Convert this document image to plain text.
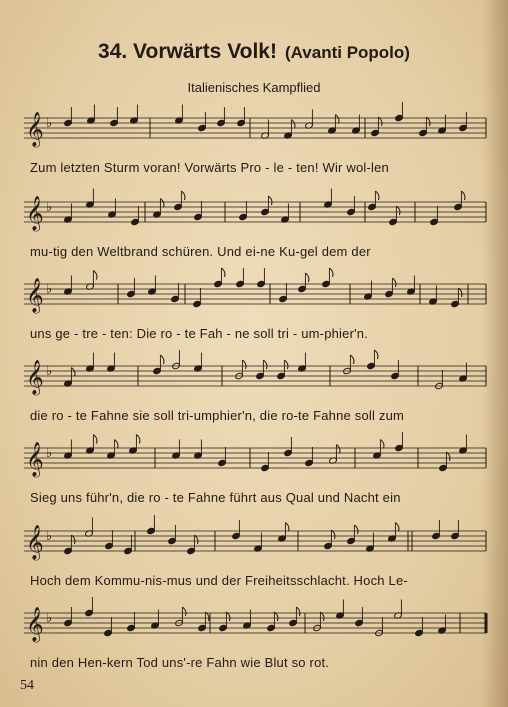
34. Vorwärts Volk! (Avanti Popolo)
Italienisches Kampflied
𝄞 ♭
𝄞 ♭
𝄞 ♭
𝄞 ♭
𝄞 ♭
𝄞 ♭
𝄞 ♭
Zum letzten Sturm voran! Vorwärts Pro - le - ten! Wir wol-len
mu-tig den Weltbrand schüren. Und ei-ne Ku-gel dem der
uns ge - tre - ten: Die ro - te Fah - ne soll tri - um-phier'n.
die ro - te Fahne sie soll tri-umphier'n, die ro-te Fahne soll zum
Sieg uns führ'n, die ro - te Fahne führt aus Qual und Nacht ein
Hoch dem Kommu-nis-mus und der Freiheitsschlacht. Hoch Le-
nin den Hen-kern Tod uns'-re Fahn wie Blut so rot.
54
